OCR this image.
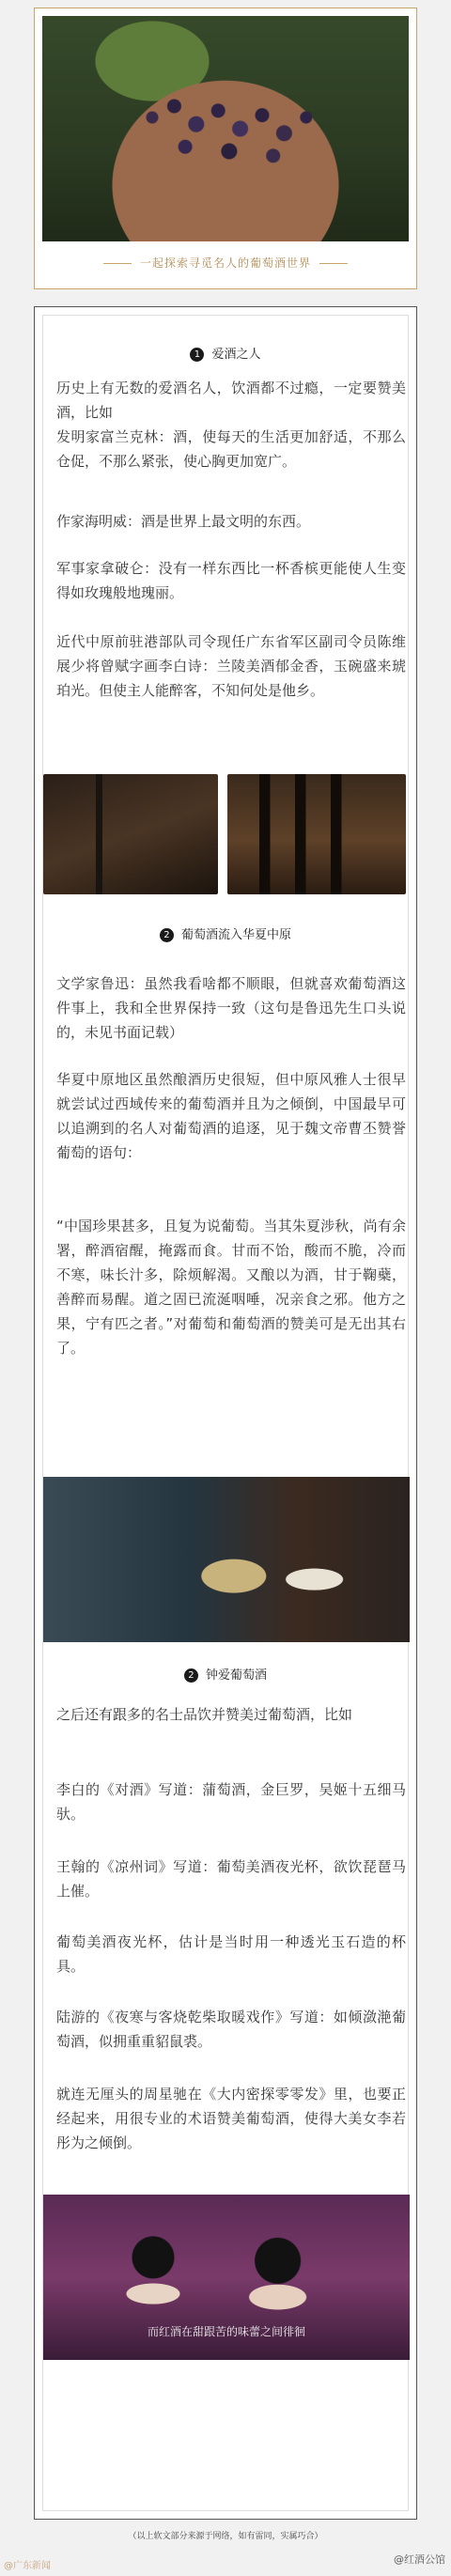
一起探索寻觅名人的葡萄酒世界
1 爱酒之人

历史上有无数的爱酒名人，饮酒都不过瘾，一定要赞美酒，比如

发明家富兰克林：酒，使每天的生活更加舒适，不那么仓促，不那么紧张，使心胸更加宽广。

作家海明威：酒是世界上最文明的东西。

军事家拿破仑：没有一样东西比一杯香槟更能使人生变得如玫瑰般地瑰丽。

近代中原前驻港部队司令现任广东省军区副司令员陈维展少将曾赋字画李白诗：兰陵美酒郁金香，玉碗盛来琥珀光。但使主人能醉客，不知何处是他乡。

2 葡萄酒流入华夏中原

文学家鲁迅：虽然我看啥都不顺眼，但就喜欢葡萄酒这件事上，我和全世界保持一致（这句是鲁迅先生口头说的，未见书面记载）

华夏中原地区虽然酿酒历史很短，但中原风雅人士很早就尝试过西域传来的葡萄酒并且为之倾倒，中国最早可以追溯到的名人对葡萄酒的追逐，见于魏文帝曹丕赞誉葡萄的语句：

“中国珍果甚多，且复为说葡萄。当其朱夏涉秋，尚有余署，醉酒宿醒，掩露而食。甘而不饴，酸而不脆，冷而不寒，味长汁多，除烦解渴。又酿以为酒，甘于鞠蘗，善醉而易醒。道之固已流涎咽唾，况亲食之邪。他方之果，宁有匹之者。”对葡萄和葡萄酒的赞美可是无出其右了。

2 钟爱葡萄酒

之后还有跟多的名士品饮并赞美过葡萄酒，比如

李白的《对酒》写道：蒲萄酒，金巨罗，吴姬十五细马驮。

王翰的《凉州词》写道：葡萄美酒夜光杯，欲饮琵琶马上催。

葡萄美酒夜光杯，估计是当时用一种透光玉石造的杯具。

陆游的《夜寒与客烧乾柴取暖戏作》写道：如倾潋滟葡萄酒，似拥重重貂鼠裘。

就连无厘头的周星驰在《大内密探零零发》里，也要正经起来，用很专业的术语赞美葡萄酒，使得大美女李若彤为之倾倒。

而红酒在甜跟苦的味蕾之间徘徊
（以上软文部分来源于网络，如有雷同，实属巧合）
@广东新闻
@红酒公馆
